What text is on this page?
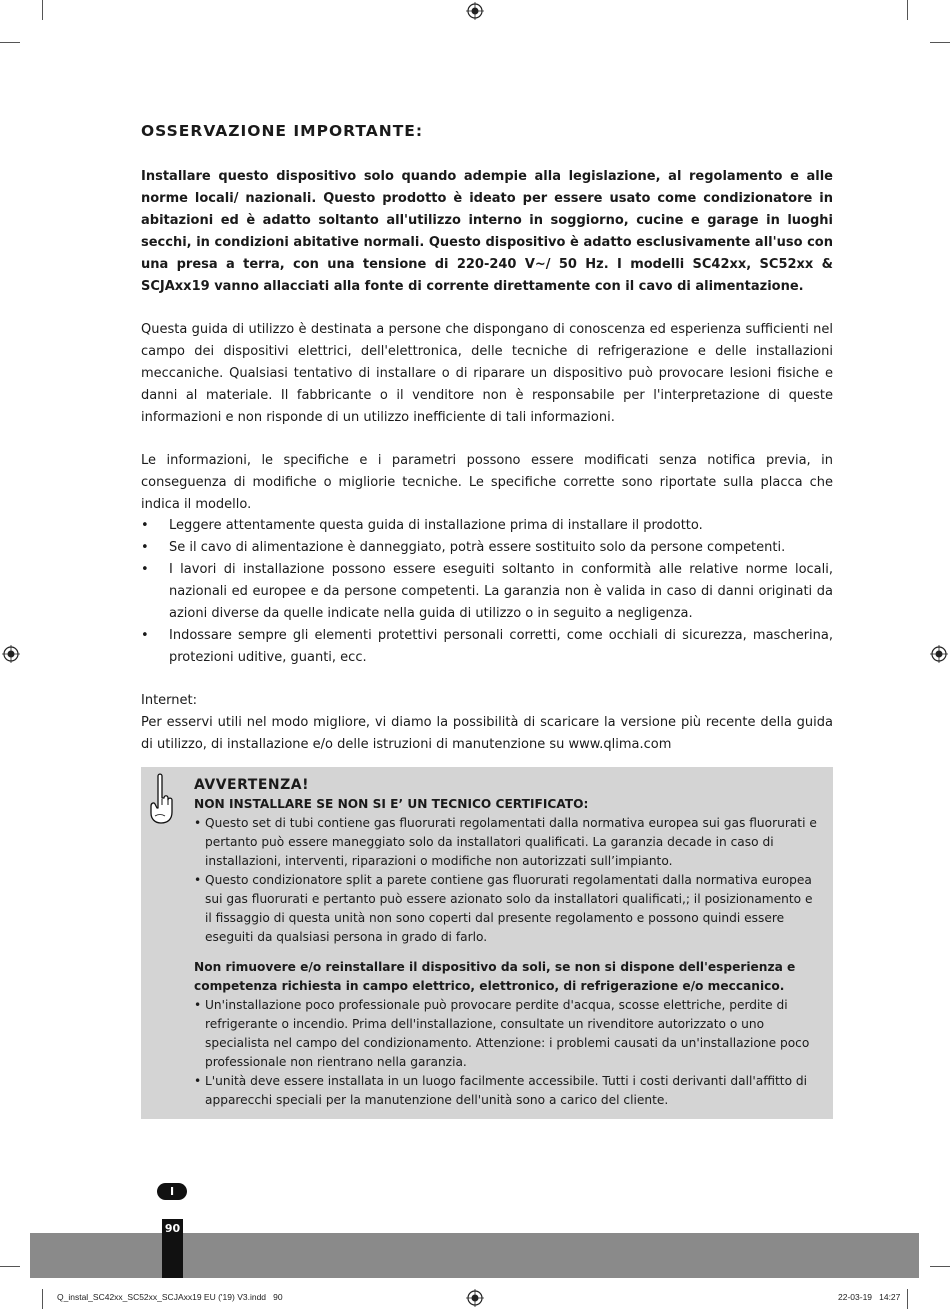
OSSERVAZIONE IMPORTANTE:

Installare questo dispositivo solo quando adempie alla legislazione, al regolamento e alle norme locali/ nazionali. Questo prodotto è ideato per essere usato come condizionatore in abitazioni ed è adatto soltanto all'utilizzo interno in soggiorno, cucine e garage in luoghi secchi, in condizioni abitative normali. Questo dispositivo è adatto esclusivamente all'uso con una presa a terra, con una tensione di 220-240 V~/ 50 Hz. I modelli SC42xx, SC52xx & SCJAxx19 vanno allacciati alla fonte di corrente direttamente con il cavo di alimentazione.

Questa guida di utilizzo è destinata a persone che dispongano di conoscenza ed esperienza sufficienti nel campo dei dispositivi elettrici, dell'elettronica, delle tecniche di refrigerazione e delle installazioni meccaniche. Qualsiasi tentativo di installare o di riparare un dispositivo può provocare lesioni fisiche e danni al materiale. Il fabbricante o il venditore non è responsabile per l'interpretazione di queste informazioni e non risponde di un utilizzo inefficiente di tali informazioni.

Le informazioni, le specifiche e i parametri possono essere modificati senza notifica previa, in conseguenza di modifiche o migliorie tecniche. Le specifiche corrette sono riportate sulla placca che indica il modello.

• Leggere attentamente questa guida di installazione prima di installare il prodotto.
• Se il cavo di alimentazione è danneggiato, potrà essere sostituito solo da persone competenti.
• I lavori di installazione possono essere eseguiti soltanto in conformità alle relative norme locali, nazionali ed europee e da persone competenti. La garanzia non è valida in caso di danni originati da azioni diverse da quelle indicate nella guida di utilizzo o in seguito a negligenza.
• Indossare sempre gli elementi protettivi personali corretti, come occhiali di sicurezza, mascherina, protezioni uditive, guanti, ecc.

Internet:

Per esservi utili nel modo migliore, vi diamo la possibilità di scaricare la versione più recente della guida di utilizzo, di installazione e/o delle istruzioni di manutenzione su www.qlima.com

AVVERTENZA!

NON INSTALLARE SE NON SI E’ UN TECNICO CERTIFICATO:

• Questo set di tubi contiene gas fluorurati regolamentati dalla normativa europea sui gas fluorurati e pertanto può essere maneggiato solo da installatori qualificati. La garanzia decade in caso di installazioni, interventi, riparazioni o modifiche non autorizzati sull’impianto.
• Questo condizionatore split a parete contiene gas fluorurati regolamentati dalla normativa europea sui gas fluorurati e pertanto può essere azionato solo da installatori qualificati,; il posizionamento e il fissaggio di questa unità non sono coperti dal presente regolamento e possono quindi essere eseguiti da qualsiasi persona in grado di farlo.

Non rimuovere e/o reinstallare il dispositivo da soli, se non si dispone dell'esperienza e competenza richiesta in campo elettrico, elettronico, di refrigerazione e/o meccanico.

• Un'installazione poco professionale può provocare perdite d'acqua, scosse elettriche, perdite di refrigerante o incendio. Prima dell'installazione, consultate un rivenditore autorizzato o uno specialista nel campo del condizionamento. Attenzione: i problemi causati da un'installazione poco professionale non rientrano nella garanzia.
• L'unità deve essere installata in un luogo facilmente accessibile. Tutti i costi derivanti dall'affitto di apparecchi speciali per la manutenzione dell'unità sono a carico del cliente.
I
90
Q_instal_SC42xx_SC52xx_SCJAxx19 EU ('19) V3.indd   90	22-03-19   14:27
